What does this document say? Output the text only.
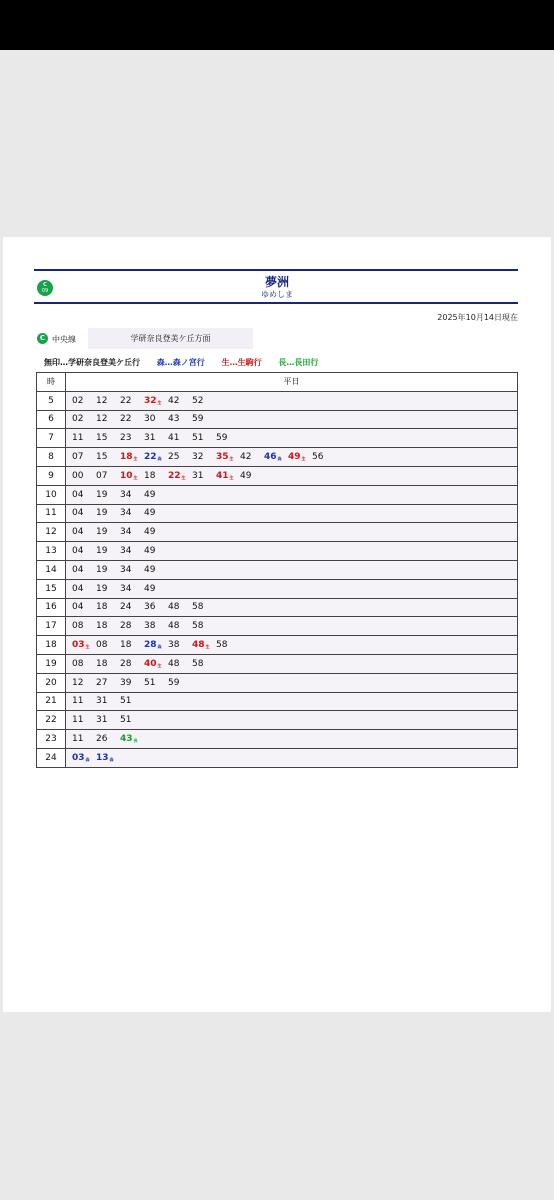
C
09
夢洲
ゆめしま
2025年10月14日現在
C 中央線	学研奈良登美ケ丘方面
無印…学研奈良登美ケ丘行 森…森ノ宮行 生…生駒行 長…長田行
時	平日
5	02 12 22 $32_生$ 42 52
6	02 12 22 30 43 59
7	11 15 23 31 41 51 59
8	07 15 $18_生$ $22_森$ 25 32 $35_生$ 42 $46_森$ $49_生$ 56
9	00 07 $10_生$ 18 $22_生$ 31 $41_生$ 49
10	04 19 34 49
11	04 19 34 49
12	04 19 34 49
13	04 19 34 49
14	04 19 34 49
15	04 19 34 49
16	04 18 24 36 48 58
17	08 18 28 38 48 58
18	$03_生$ 08 18 $28_森$ 38 $48_生$ 58
19	08 18 28 $40_生$ 48 58
20	12 27 39 51 59
21	11 31 51
22	11 31 51
23	11 26 $43_長$
24	$03_森$ $13_森$
